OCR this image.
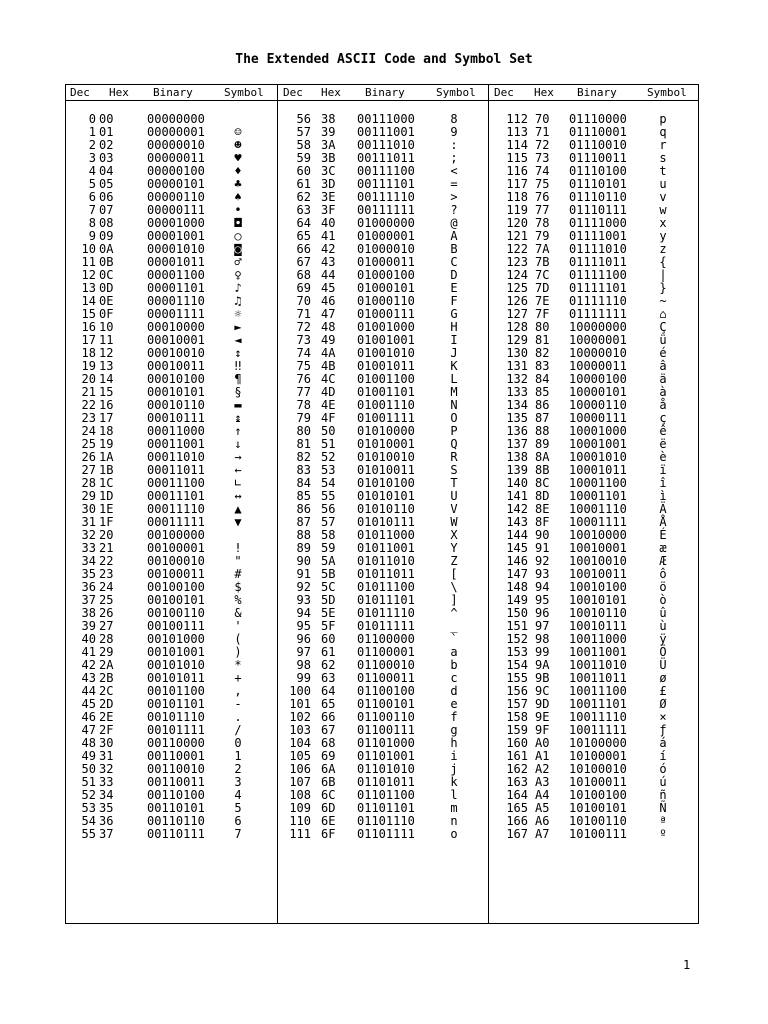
The Extended ASCII Code and Symbol Set
Dec Hex Binary	Symbol Dec Hex Binary	Symbol Dec Hex Binary	Symbol
0 00	00000000
1 01	00000001	☺
2 02	00000010	☻
3 03	00000011	♥
4 04	00000100	♦
5 05	00000101	♣
6 06	00000110	♠
7 07	00000111	•
8 08	00001000	◘
9 09	00001001	○
10 0A	00001010	◙
11 0B	00001011	♂
12 0C	00001100	♀
13 0D	00001101	♪
14 0E	00001110	♫
15 0F	00001111	☼
16 10	00010000	►
17 11	00010001	◄
18 12	00010010	↕
19 13	00010011	‼
20 14	00010100	¶
21 15	00010101	§
22 16	00010110	▬
23 17	00010111	↨
24 18	00011000	↑
25 19	00011001	↓
26 1A	00011010	→
27 1B	00011011	←
28 1C	00011100	∟
29 1D	00011101	↔
30 1E	00011110	▲
31 1F	00011111	▼
32 20	00100000
33 21	00100001	!
34 22	00100010	"
35 23	00100011	#
36 24	00100100	$
37 25	00100101	%
38 26	00100110	&
39 27	00100111	'
40 28	00101000	(
41 29	00101001	)
42 2A	00101010	*
43 2B	00101011	+
44 2C	00101100	,
45 2D	00101101	-
46 2E	00101110	.
47 2F	00101111	/
48 30	00110000	0
49 31	00110001	1
50 32	00110010	2
51 33	00110011	3
52 34	00110100	4
53 35	00110101	5
54 36	00110110	6
55 37	00110111	7
56 38 00111000	8
57 39 00111001	9
58 3A 00111010	:
59 3B 00111011	;
60 3C 00111100	<
61 3D 00111101	=
62 3E 00111110	>
63 3F 00111111	?
64 40 01000000	@
65 41 01000001	A
66 42 01000010	B
67 43 01000011	C
68 44 01000100	D
69 45 01000101	E
70 46 01000110	F
71 47 01000111	G
72 48 01001000	H
73 49 01001001	I
74 4A 01001010	J
75 4B 01001011	K
76 4C 01001100	L
77 4D 01001101	M
78 4E 01001110	N
79 4F 01001111	O
80 50 01010000	P
81 51 01010001	Q
82 52 01010010	R
83 53 01010011	S
84 54 01010100	T
85 55 01010101	U
86 56 01010110	V
87 57 01010111	W
88 58 01011000	X
89 59 01011001	Y
90 5A 01011010	Z
91 5B 01011011	[
92 5C 01011100	\
93 5D 01011101	]
94 5E 01011110	^
95 5F 01011111	_
96 60 01100000	`
97 61 01100001	a
98 62 01100010	b
99 63 01100011	c
100 64 01100100	d
101 65 01100101	e
102 66 01100110	f
103 67 01100111	g
104 68 01101000	h
105 69 01101001	i
106 6A 01101010	j
107 6B 01101011	k
108 6C 01101100	l
109 6D 01101101	m
110 6E 01101110	n
111 6F 01101111	o
112 70 01110000	p
113 71 01110001	q
114 72 01110010	r
115 73 01110011	s
116 74 01110100	t
117 75 01110101	u
118 76 01110110	v
119 77 01110111	w
120 78 01111000	x
121 79 01111001	y
122 7A 01111010	z
123 7B 01111011	{
124 7C 01111100	|
125 7D 01111101	}
126 7E 01111110	~
127 7F 01111111	⌂
128 80 10000000	Ç
129 81 10000001	ü
130 82 10000010	é
131 83 10000011	â
132 84 10000100	ä
133 85 10000101	à
134 86 10000110	å
135 87 10000111	ç
136 88 10001000	ê
137 89 10001001	ë
138 8A 10001010	è
139 8B 10001011	ï
140 8C 10001100	î
141 8D 10001101	ì
142 8E 10001110	Ä
143 8F 10001111	Å
144 90 10010000	É
145 91 10010001	æ
146 92 10010010	Æ
147 93 10010011	ô
148 94 10010100	ö
149 95 10010101	ò
150 96 10010110	û
151 97 10010111	ù
152 98 10011000	ÿ
153 99 10011001	Ö
154 9A 10011010	Ü
155 9B 10011011	ø
156 9C 10011100	£
157 9D 10011101	Ø
158 9E 10011110	×
159 9F 10011111	ƒ
160 A0 10100000	á
161 A1 10100001	í
162 A2 10100010	ó
163 A3 10100011	ú
164 A4 10100100	ñ
165 A5 10100101	Ñ
166 A6 10100110	ª
167 A7 10100111	º
1
